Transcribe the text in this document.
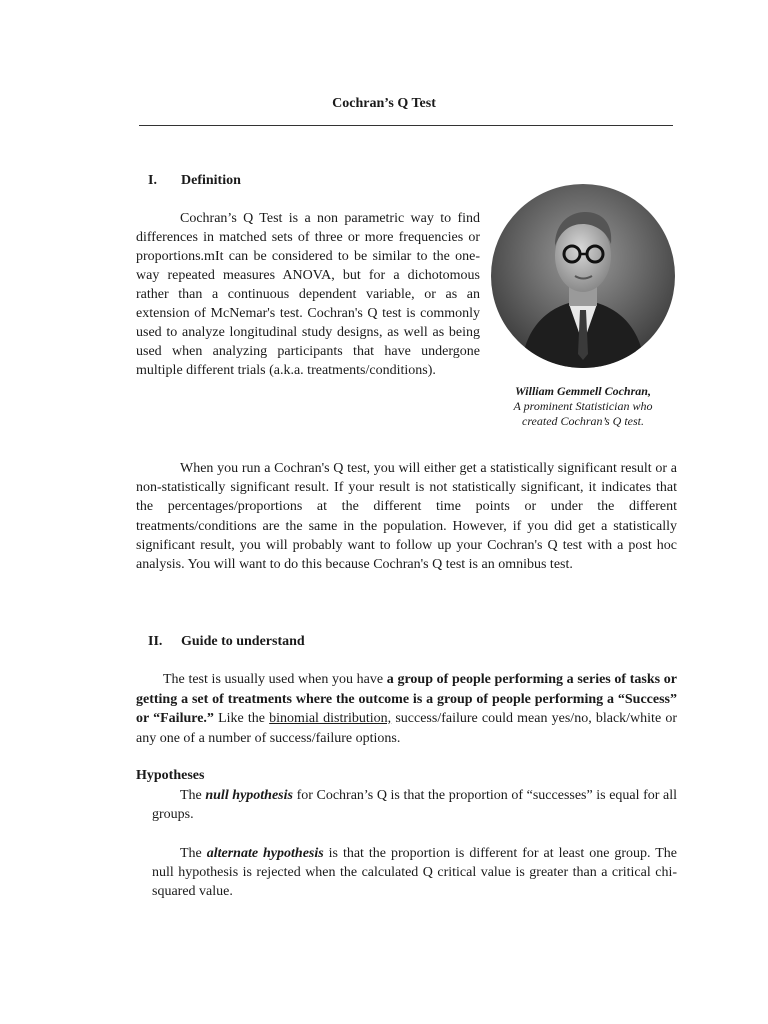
Cochran’s Q Test
I. Definition

Cochran’s Q Test is a non parametric way to find differences in matched sets of three or more frequencies or proportions.mIt can be considered to be similar to the one-way repeated measures ANOVA, but for a dichotomous rather than a continuous dependent variable, or as an extension of McNemar's test. Cochran's Q test is commonly used to analyze longitudinal study designs, as well as being used when analyzing participants that have undergone multiple different trials (a.k.a. treatments/conditions).

William Gemmell Cochran,
A prominent Statistician who
created Cochran’s Q test.

When you run a Cochran's Q test, you will either get a statistically significant result or a non-statistically significant result. If your result is not statistically significant, it indicates that the percentages/proportions at the different time points or under the different treatments/conditions are the same in the population. However, if you did get a statistically significant result, you will probably want to follow up your Cochran's Q test with a post hoc analysis. You will want to do this because Cochran's Q test is an omnibus test.

II. Guide to understand

The test is usually used when you have a group of people performing a series of tasks or getting a set of treatments where the outcome is a group of people performing a “Success” or “Failure.” Like the binomial distribution, success/failure could mean yes/no, black/white or any one of a number of success/failure options.

Hypotheses

The null hypothesis for Cochran’s Q is that the proportion of “successes” is equal for all groups.

The alternate hypothesis is that the proportion is different for at least one group. The null hypothesis is rejected when the calculated Q critical value is greater than a critical chi-squared value.
